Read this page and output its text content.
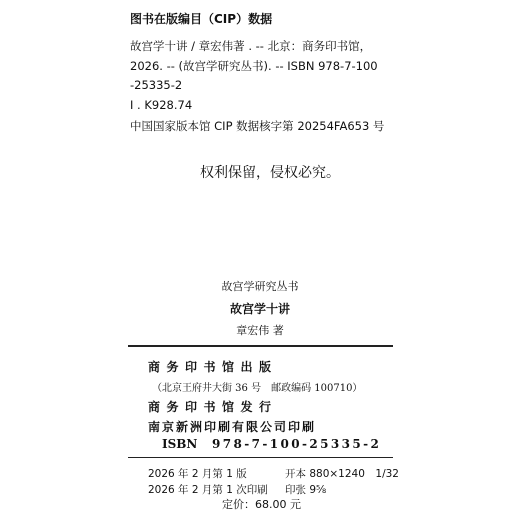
图书在版编目（CIP）数据
故宫学十讲 / 章宏伟著 . -- 北京：商务印书馆，
2026. -- (故宫学研究丛书). -- ISBN 978-7-100
-25335-2
I . K928.74
中国国家版本馆 CIP 数据核字第 20254FA653 号
权利保留，侵权必究。
故宫学研究丛书
故宫学十讲
章宏伟 著
商务印书馆出版
（北京王府井大街 36 号　邮政编码 100710）
商务印书馆发行
南京新洲印刷有限公司印刷
ISBN 978-7-100-25335-2
2026 年 2 月第 1 版	开本 880×1240　1/32
2026 年 2 月第 1 次印刷 印张 9⅝
定价：68.00 元
